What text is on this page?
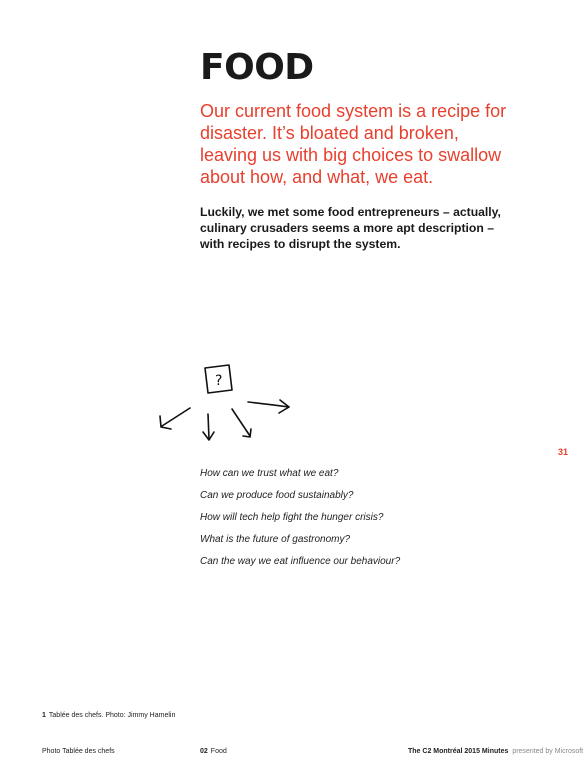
FOOD

Our current food system is a recipe for disaster. It’s bloated and broken, leaving us with big choices to swallow about how, and what, we eat.

Luckily, we met some food entrepreneurs – actually, culinary crusaders seems a more apt description – with recipes to disrupt the system.

?
31
How can we trust what we eat?
Can we produce food sustainably?
How will tech help fight the hunger crisis?
What is the future of gastronomy?
Can the way we eat influence our behaviour?
1 Tablée des chefs. Photo: Jimmy Hamelin
Photo Tablée des chefs	02 Food	The C2 Montréal 2015 Minutes presented by Microsoft
